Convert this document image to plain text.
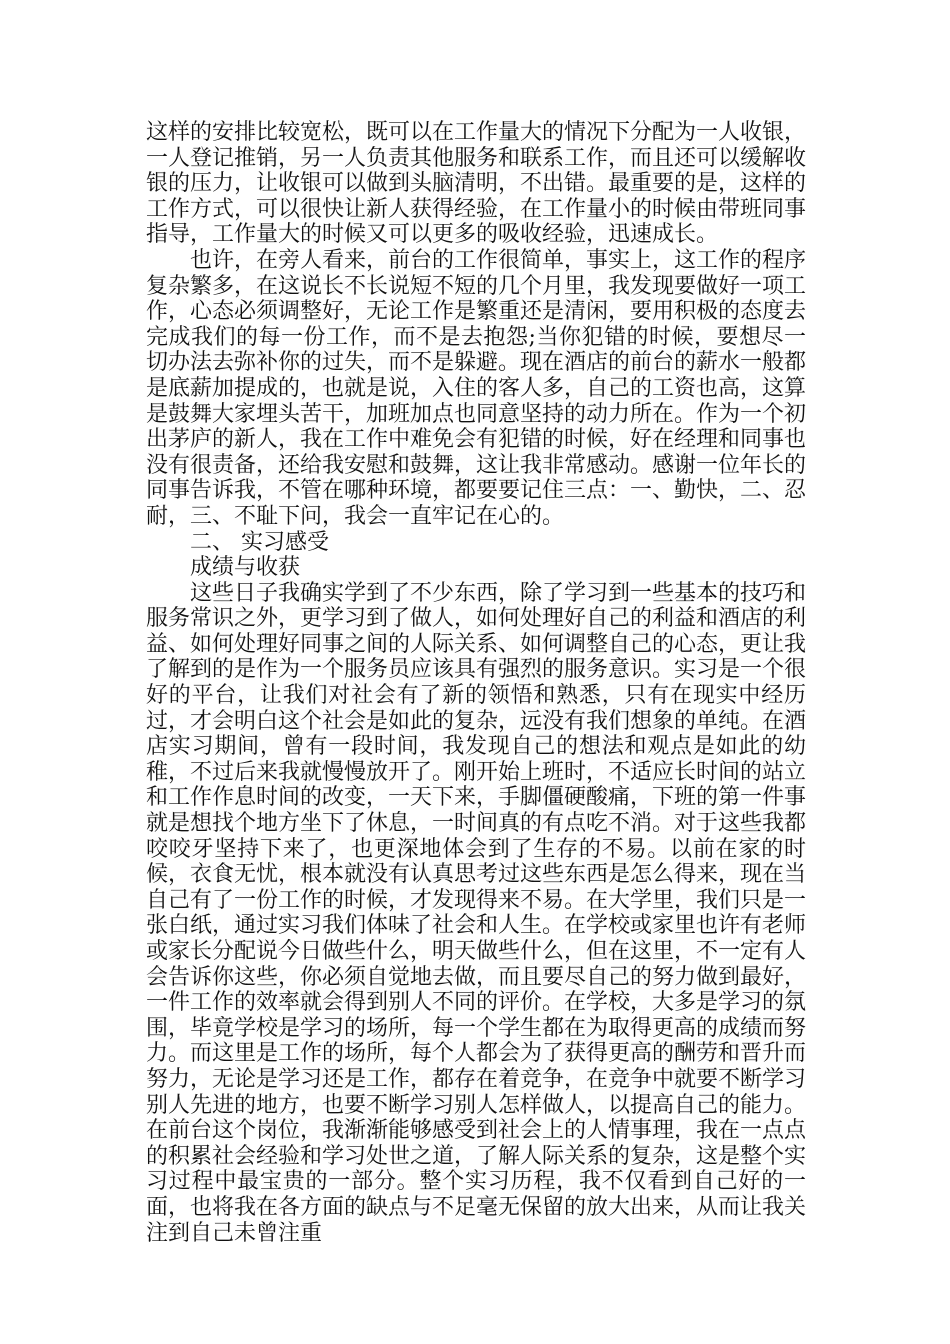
这样的安排比较宽松，既可以在工作量大的情况下分配为一人收银，一人登记推销，另一人负责其他服务和联系工作，而且还可以缓解收银的压力，让收银可以做到头脑清明，不出错。最重要的是，这样的工作方式，可以很快让新人获得经验，在工作量小的时候由带班同事指导，工作量大的时候又可以更多的吸收经验，迅速成长。

也许，在旁人看来，前台的工作很简单，事实上，这工作的程序复杂繁多，在这说长不长说短不短的几个月里，我发现要做好一项工作，心态必须调整好，无论工作是繁重还是清闲，要用积极的态度去完成我们的每一份工作，而不是去抱怨;当你犯错的时候，要想尽一切办法去弥补你的过失，而不是躲避。现在酒店的前台的薪水一般都是底薪加提成的，也就是说，入住的客人多，自己的工资也高，这算是鼓舞大家埋头苦干，加班加点也同意坚持的动力所在。作为一个初出茅庐的新人，我在工作中难免会有犯错的时候，好在经理和同事也没有很责备，还给我安慰和鼓舞，这让我非常感动。感谢一位年长的同事告诉我，不管在哪种环境，都要要记住三点：一、勤快，二、忍耐，三、不耻下问，我会一直牢记在心的。

二、 实习感受

成绩与收获

这些日子我确实学到了不少东西，除了学习到一些基本的技巧和服务常识之外，更学习到了做人，如何处理好自己的利益和酒店的利益、如何处理好同事之间的人际关系、如何调整自己的心态，更让我了解到的是作为一个服务员应该具有强烈的服务意识。实习是一个很好的平台，让我们对社会有了新的领悟和熟悉，只有在现实中经历过，才会明白这个社会是如此的复杂，远没有我们想象的单纯。在酒店实习期间，曾有一段时间，我发现自己的想法和观点是如此的幼稚，不过后来我就慢慢放开了。刚开始上班时，不适应长时间的站立和工作作息时间的改变，一天下来，手脚僵硬酸痛，下班的第一件事就是想找个地方坐下了休息，一时间真的有点吃不消。对于这些我都咬咬牙坚持下来了，也更深地体会到了生存的不易。以前在家的时候，衣食无忧，根本就没有认真思考过这些东西是怎么得来，现在当自己有了一份工作的时候，才发现得来不易。在大学里，我们只是一张白纸，通过实习我们体味了社会和人生。在学校或家里也许有老师或家长分配说今日做些什么，明天做些什么，但在这里，不一定有人会告诉你这些，你必须自觉地去做，而且要尽自己的努力做到最好，一件工作的效率就会得到别人不同的评价。在学校，大多是学习的氛围，毕竟学校是学习的场所，每一个学生都在为取得更高的成绩而努力。而这里是工作的场所，每个人都会为了获得更高的酬劳和晋升而努力，无论是学习还是工作，都存在着竞争，在竞争中就要不断学习别人先进的地方，也要不断学习别人怎样做人，以提高自己的能力。在前台这个岗位，我渐渐能够感受到社会上的人情事理，我在一点点的积累社会经验和学习处世之道，了解人际关系的复杂，这是整个实习过程中最宝贵的一部分。整个实习历程，我不仅看到自己好的一面，也将我在各方面的缺点与不足毫无保留的放大出来，从而让我关注到自己未曾注重
